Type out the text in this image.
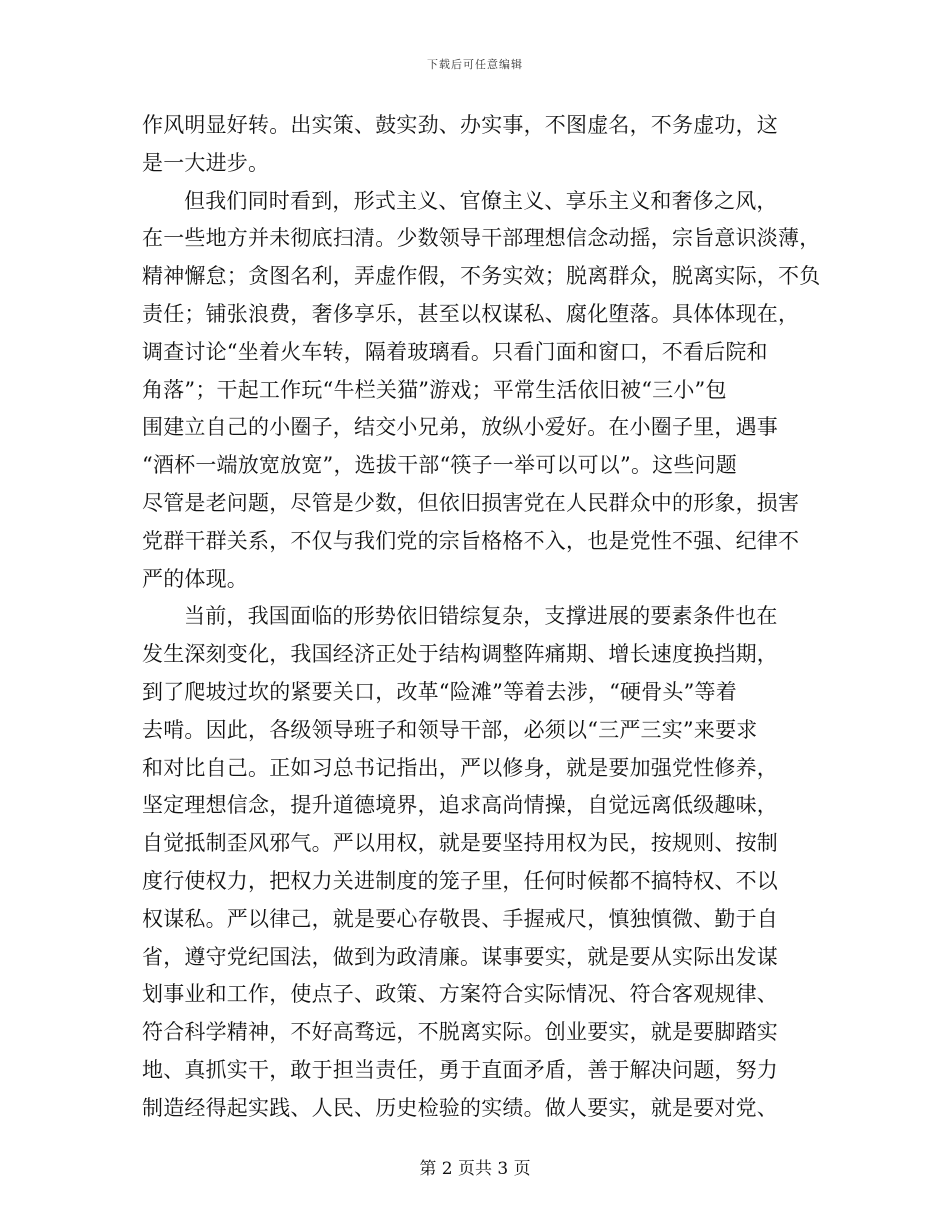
下载后可任意编辑
作风明显好转。出实策、鼓实劲、办实事，不图虚名，不务虚功，这
是一大进步。
但我们同时看到，形式主义、官僚主义、享乐主义和奢侈之风，
在一些地方并未彻底扫清。少数领导干部理想信念动摇，宗旨意识淡薄，
精神懈怠；贪图名利，弄虚作假，不务实效；脱离群众，脱离实际，不负
责任；铺张浪费，奢侈享乐，甚至以权谋私、腐化堕落。具体体现在，
调查讨论“坐着火车转，隔着玻璃看。只看门面和窗口，不看后院和
角落”；干起工作玩“牛栏关猫”游戏；平常生活依旧被“三小”包
围建立自己的小圈子，结交小兄弟，放纵小爱好。在小圈子里，遇事
“酒杯一端放宽放宽”，选拔干部“筷子一举可以可以”。这些问题
尽管是老问题，尽管是少数，但依旧损害党在人民群众中的形象，损害
党群干群关系，不仅与我们党的宗旨格格不入，也是党性不强、纪律不
严的体现。
当前，我国面临的形势依旧错综复杂，支撑进展的要素条件也在
发生深刻变化，我国经济正处于结构调整阵痛期、增长速度换挡期，
到了爬坡过坎的紧要关口，改革“险滩”等着去涉，“硬骨头”等着
去啃。因此，各级领导班子和领导干部，必须以“三严三实”来要求
和对比自己。正如习总书记指出，严以修身，就是要加强党性修养，
坚定理想信念，提升道德境界，追求高尚情操，自觉远离低级趣味，
自觉抵制歪风邪气。严以用权，就是要坚持用权为民，按规则、按制
度行使权力，把权力关进制度的笼子里，任何时候都不搞特权、不以
权谋私。严以律己，就是要心存敬畏、手握戒尺，慎独慎微、勤于自
省，遵守党纪国法，做到为政清廉。谋事要实，就是要从实际出发谋
划事业和工作，使点子、政策、方案符合实际情况、符合客观规律、
符合科学精神，不好高骛远，不脱离实际。创业要实，就是要脚踏实
地、真抓实干，敢于担当责任，勇于直面矛盾，善于解决问题，努力
制造经得起实践、人民、历史检验的实绩。做人要实，就是要对党、
第 2 页共 3 页
